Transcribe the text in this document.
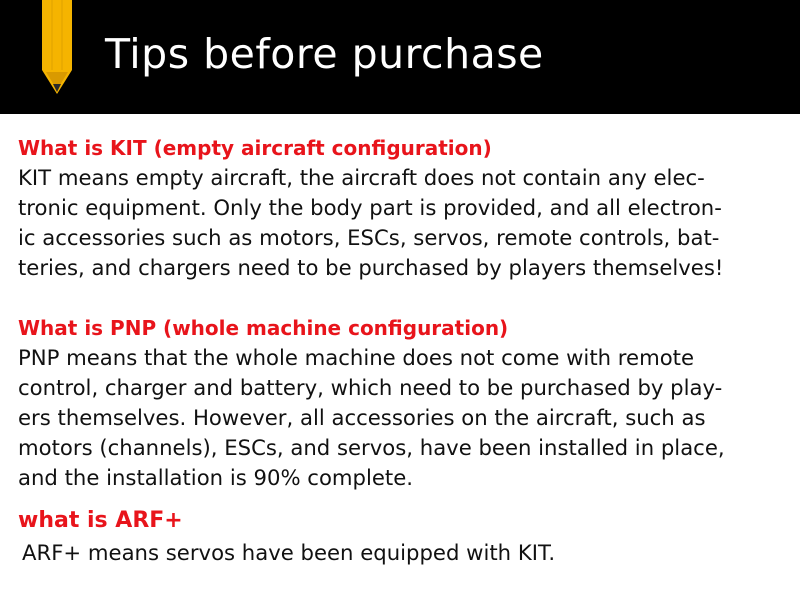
Tips before purchase
What is KIT (empty aircraft configuration)
KIT means empty aircraft, the aircraft does not contain any elec-
tronic equipment. Only the body part is provided, and all electron-
ic accessories such as motors, ESCs, servos, remote controls, bat-
teries, and chargers need to be purchased by players themselves!
What is PNP (whole machine configuration)
PNP means that the whole machine does not come with remote
control, charger and battery, which need to be purchased by play-
ers themselves. However, all accessories on the aircraft, such as
motors (channels), ESCs, and servos, have been installed in place,
and the installation is 90% complete.
what is ARF+
ARF+ means servos have been equipped with KIT.
